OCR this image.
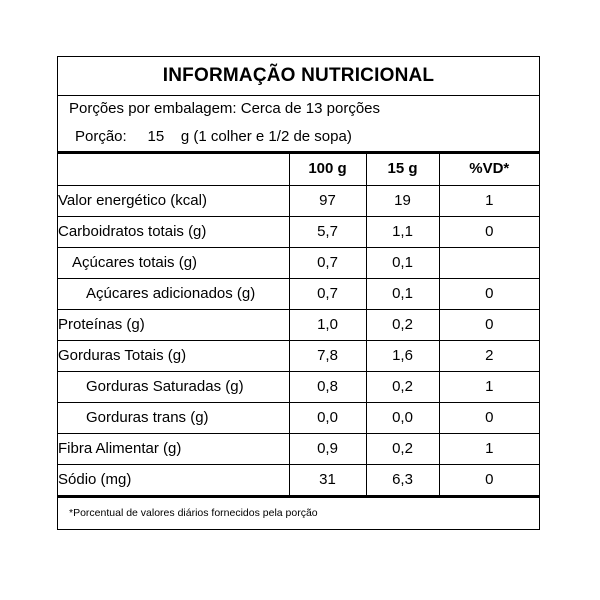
INFORMAÇÃO NUTRICIONAL
Porções por embalagem: Cerca de 13 porções
Porção:     15    g (1 colher e 1/2 de sopa)
	100 g	15 g	%VD*
Valor energético (kcal)	97	19	1
Carboidratos totais (g)	5,7	1,1	0
Açúcares totais (g)	0,7	0,1	
Açúcares adicionados (g)	0,7	0,1	0
Proteínas (g)	1,0	0,2	0
Gorduras Totais (g)	7,8	1,6	2
Gorduras Saturadas (g)	0,8	0,2	1
Gorduras trans (g)	0,0	0,0	0
Fibra Alimentar (g)	0,9	0,2	1
Sódio (mg)	31	6,3	0
*Porcentual de valores diários fornecidos pela porção
